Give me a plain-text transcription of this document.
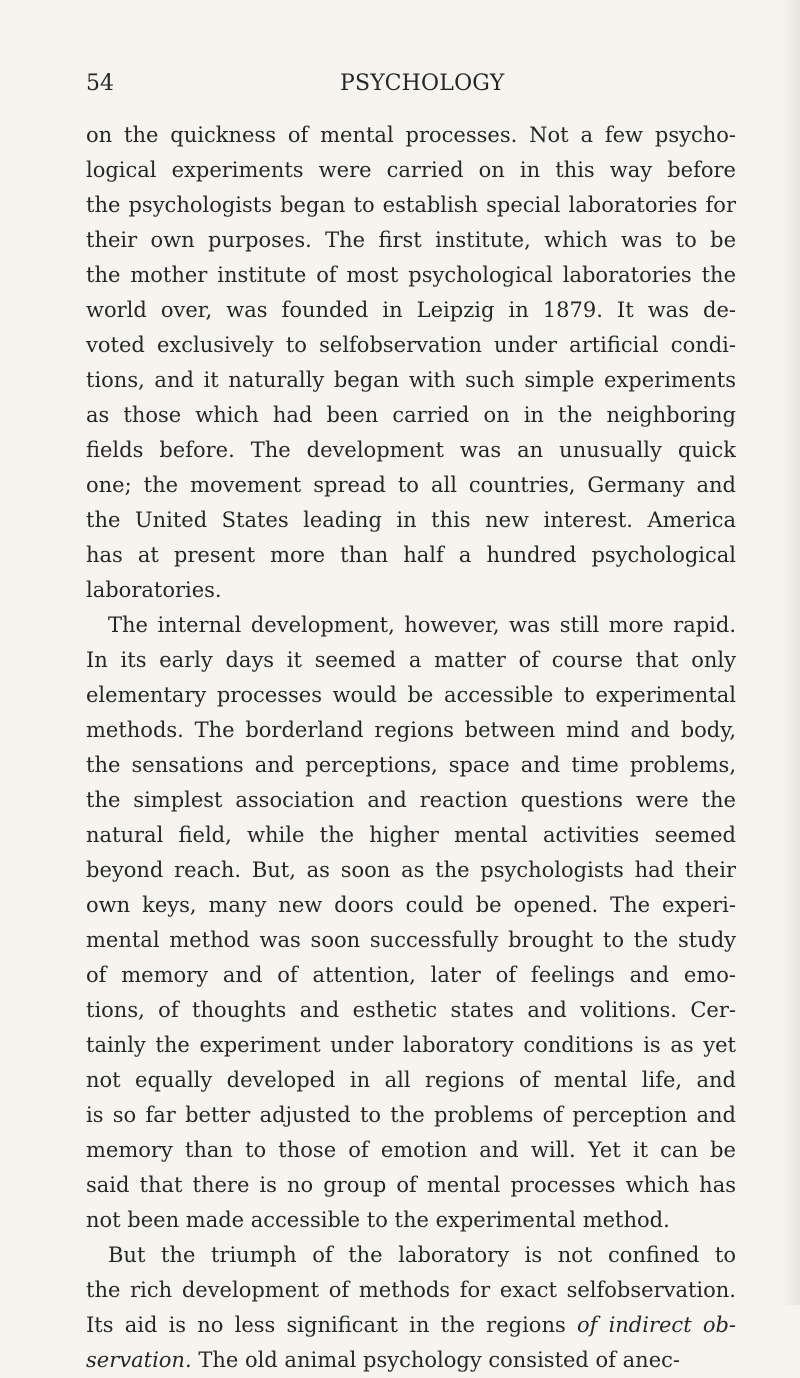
54	PSYCHOLOGY
on the quickness of mental processes. Not a few psycho-
logical experiments were carried on in this way before
the psychologists began to establish special laboratories for
their own purposes. The first institute, which was to be
the mother institute of most psychological laboratories the
world over, was founded in Leipzig in 1879. It was de-
voted exclusively to selfobservation under artificial condi-
tions, and it naturally began with such simple experiments
as those which had been carried on in the neighboring
fields before. The development was an unusually quick
one; the movement spread to all countries, Germany and
the United States leading in this new interest. America
has at present more than half a hundred psychological
laboratories.
The internal development, however, was still more rapid.
In its early days it seemed a matter of course that only
elementary processes would be accessible to experimental
methods. The borderland regions between mind and body,
the sensations and perceptions, space and time problems,
the simplest association and reaction questions were the
natural field, while the higher mental activities seemed
beyond reach. But, as soon as the psychologists had their
own keys, many new doors could be opened. The experi-
mental method was soon successfully brought to the study
of memory and of attention, later of feelings and emo-
tions, of thoughts and esthetic states and volitions. Cer-
tainly the experiment under laboratory conditions is as yet
not equally developed in all regions of mental life, and
is so far better adjusted to the problems of perception and
memory than to those of emotion and will. Yet it can be
said that there is no group of mental processes which has
not been made accessible to the experimental method.
But the triumph of the laboratory is not confined to
the rich development of methods for exact selfobservation.
Its aid is no less significant in the regions of indirect ob-
servation. The old animal psychology consisted of anec-
